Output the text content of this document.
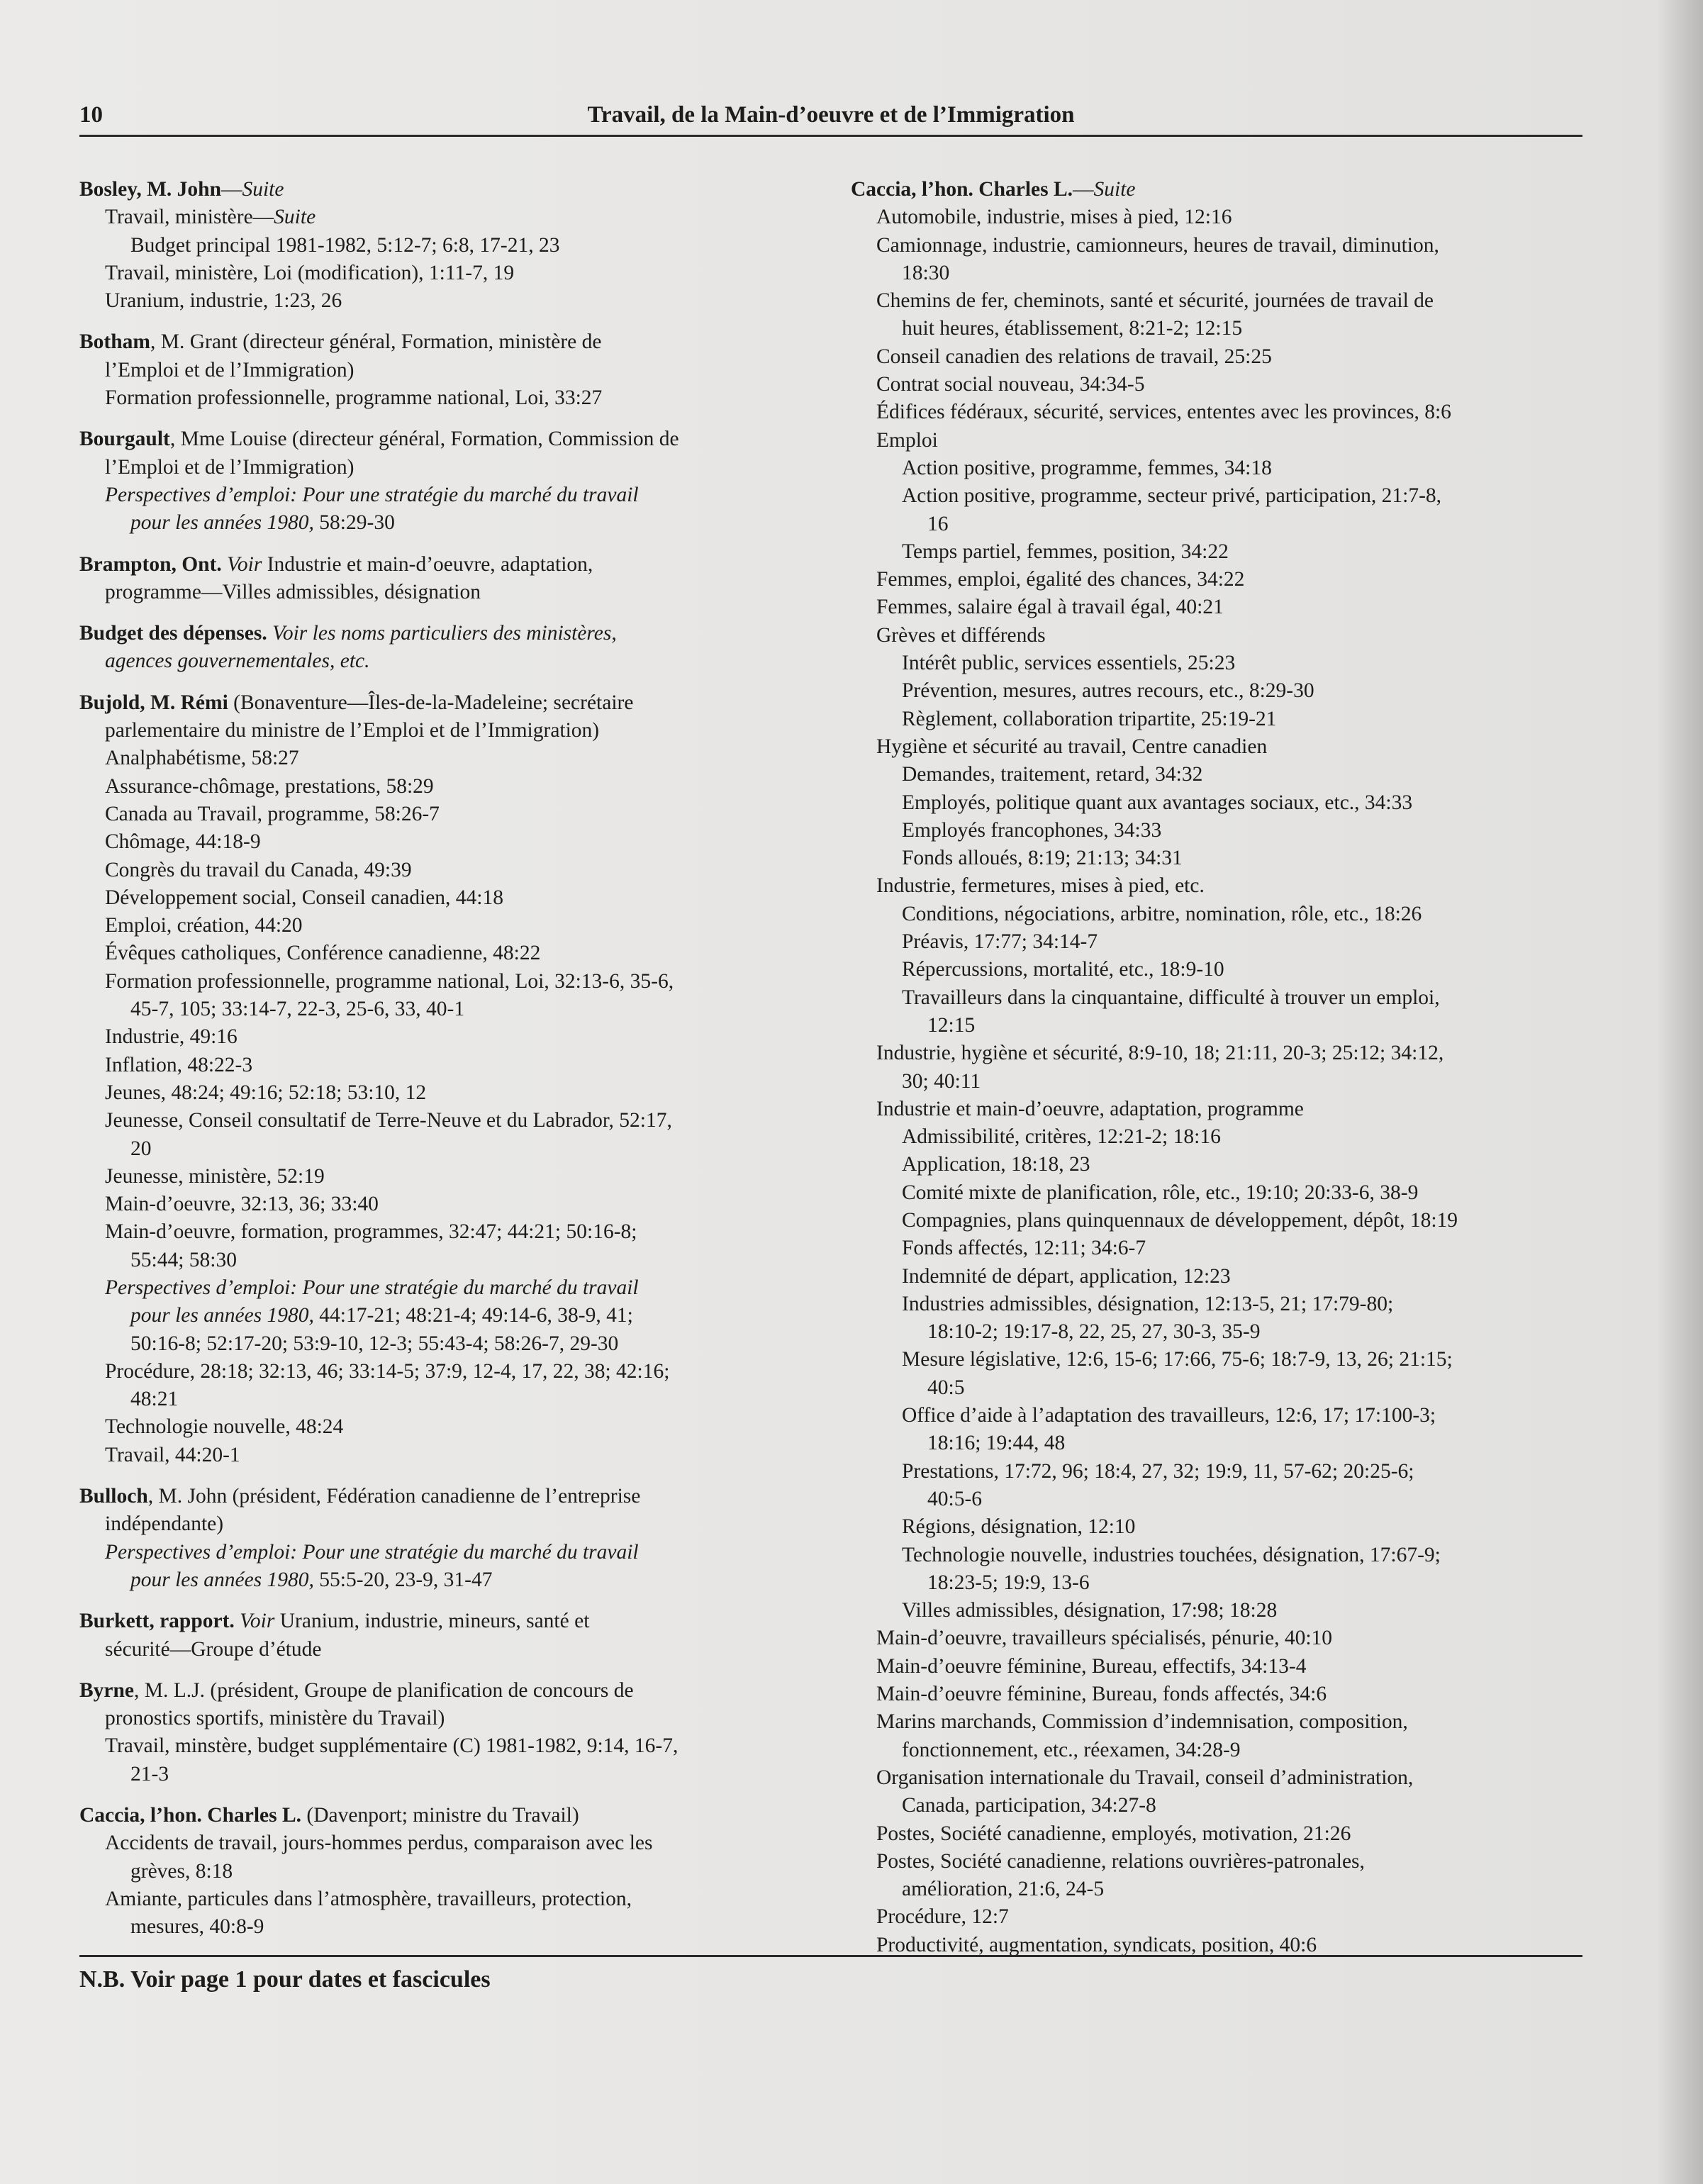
10	Travail, de la Main-d’oeuvre et de l’Immigration
Bosley, M. John—Suite
Travail, ministère—Suite
Budget principal 1981-1982, 5:12-7; 6:8, 17-21, 23
Travail, ministère, Loi (modification), 1:11-7, 19
Uranium, industrie, 1:23, 26
Botham, M. Grant (directeur général, Formation, ministère de
l’Emploi et de l’Immigration)
Formation professionnelle, programme national, Loi, 33:27
Bourgault, Mme Louise (directeur général, Formation, Commission de
l’Emploi et de l’Immigration)
Perspectives d’emploi: Pour une stratégie du marché du travail
pour les années 1980, 58:29-30
Brampton, Ont. Voir Industrie et main-d’oeuvre, adaptation,
programme—Villes admissibles, désignation
Budget des dépenses. Voir les noms particuliers des ministères,
agences gouvernementales, etc.
Bujold, M. Rémi (Bonaventure—Îles-de-la-Madeleine; secrétaire
parlementaire du ministre de l’Emploi et de l’Immigration)
Analphabétisme, 58:27
Assurance-chômage, prestations, 58:29
Canada au Travail, programme, 58:26-7
Chômage, 44:18-9
Congrès du travail du Canada, 49:39
Développement social, Conseil canadien, 44:18
Emploi, création, 44:20
Évêques catholiques, Conférence canadienne, 48:22
Formation professionnelle, programme national, Loi, 32:13-6, 35-6,
45-7, 105; 33:14-7, 22-3, 25-6, 33, 40-1
Industrie, 49:16
Inflation, 48:22-3
Jeunes, 48:24; 49:16; 52:18; 53:10, 12
Jeunesse, Conseil consultatif de Terre-Neuve et du Labrador, 52:17,
20
Jeunesse, ministère, 52:19
Main-d’oeuvre, 32:13, 36; 33:40
Main-d’oeuvre, formation, programmes, 32:47; 44:21; 50:16-8;
55:44; 58:30
Perspectives d’emploi: Pour une stratégie du marché du travail
pour les années 1980, 44:17-21; 48:21-4; 49:14-6, 38-9, 41;
50:16-8; 52:17-20; 53:9-10, 12-3; 55:43-4; 58:26-7, 29-30
Procédure, 28:18; 32:13, 46; 33:14-5; 37:9, 12-4, 17, 22, 38; 42:16;
48:21
Technologie nouvelle, 48:24
Travail, 44:20-1
Bulloch, M. John (président, Fédération canadienne de l’entreprise
indépendante)
Perspectives d’emploi: Pour une stratégie du marché du travail
pour les années 1980, 55:5-20, 23-9, 31-47
Burkett, rapport. Voir Uranium, industrie, mineurs, santé et
sécurité—Groupe d’étude
Byrne, M. L.J. (président, Groupe de planification de concours de
pronostics sportifs, ministère du Travail)
Travail, minstère, budget supplémentaire (C) 1981-1982, 9:14, 16-7,
21-3
Caccia, l’hon. Charles L. (Davenport; ministre du Travail)
Accidents de travail, jours-hommes perdus, comparaison avec les
grèves, 8:18
Amiante, particules dans l’atmosphère, travailleurs, protection,
mesures, 40:8-9
Caccia, l’hon. Charles L.—Suite
Automobile, industrie, mises à pied, 12:16
Camionnage, industrie, camionneurs, heures de travail, diminution,
18:30
Chemins de fer, cheminots, santé et sécurité, journées de travail de
huit heures, établissement, 8:21-2; 12:15
Conseil canadien des relations de travail, 25:25
Contrat social nouveau, 34:34-5
Édifices fédéraux, sécurité, services, ententes avec les provinces, 8:6
Emploi
Action positive, programme, femmes, 34:18
Action positive, programme, secteur privé, participation, 21:7-8,
16
Temps partiel, femmes, position, 34:22
Femmes, emploi, égalité des chances, 34:22
Femmes, salaire égal à travail égal, 40:21
Grèves et différends
Intérêt public, services essentiels, 25:23
Prévention, mesures, autres recours, etc., 8:29-30
Règlement, collaboration tripartite, 25:19-21
Hygiène et sécurité au travail, Centre canadien
Demandes, traitement, retard, 34:32
Employés, politique quant aux avantages sociaux, etc., 34:33
Employés francophones, 34:33
Fonds alloués, 8:19; 21:13; 34:31
Industrie, fermetures, mises à pied, etc.
Conditions, négociations, arbitre, nomination, rôle, etc., 18:26
Préavis, 17:77; 34:14-7
Répercussions, mortalité, etc., 18:9-10
Travailleurs dans la cinquantaine, difficulté à trouver un emploi,
12:15
Industrie, hygiène et sécurité, 8:9-10, 18; 21:11, 20-3; 25:12; 34:12,
30; 40:11
Industrie et main-d’oeuvre, adaptation, programme
Admissibilité, critères, 12:21-2; 18:16
Application, 18:18, 23
Comité mixte de planification, rôle, etc., 19:10; 20:33-6, 38-9
Compagnies, plans quinquennaux de développement, dépôt, 18:19
Fonds affectés, 12:11; 34:6-7
Indemnité de départ, application, 12:23
Industries admissibles, désignation, 12:13-5, 21; 17:79-80;
18:10-2; 19:17-8, 22, 25, 27, 30-3, 35-9
Mesure législative, 12:6, 15-6; 17:66, 75-6; 18:7-9, 13, 26; 21:15;
40:5
Office d’aide à l’adaptation des travailleurs, 12:6, 17; 17:100-3;
18:16; 19:44, 48
Prestations, 17:72, 96; 18:4, 27, 32; 19:9, 11, 57-62; 20:25-6;
40:5-6
Régions, désignation, 12:10
Technologie nouvelle, industries touchées, désignation, 17:67-9;
18:23-5; 19:9, 13-6
Villes admissibles, désignation, 17:98; 18:28
Main-d’oeuvre, travailleurs spécialisés, pénurie, 40:10
Main-d’oeuvre féminine, Bureau, effectifs, 34:13-4
Main-d’oeuvre féminine, Bureau, fonds affectés, 34:6
Marins marchands, Commission d’indemnisation, composition,
fonctionnement, etc., réexamen, 34:28-9
Organisation internationale du Travail, conseil d’administration,
Canada, participation, 34:27-8
Postes, Société canadienne, employés, motivation, 21:26
Postes, Société canadienne, relations ouvrières-patronales,
amélioration, 21:6, 24-5
Procédure, 12:7
Productivité, augmentation, syndicats, position, 40:6
N.B. Voir page 1 pour dates et fascicules
